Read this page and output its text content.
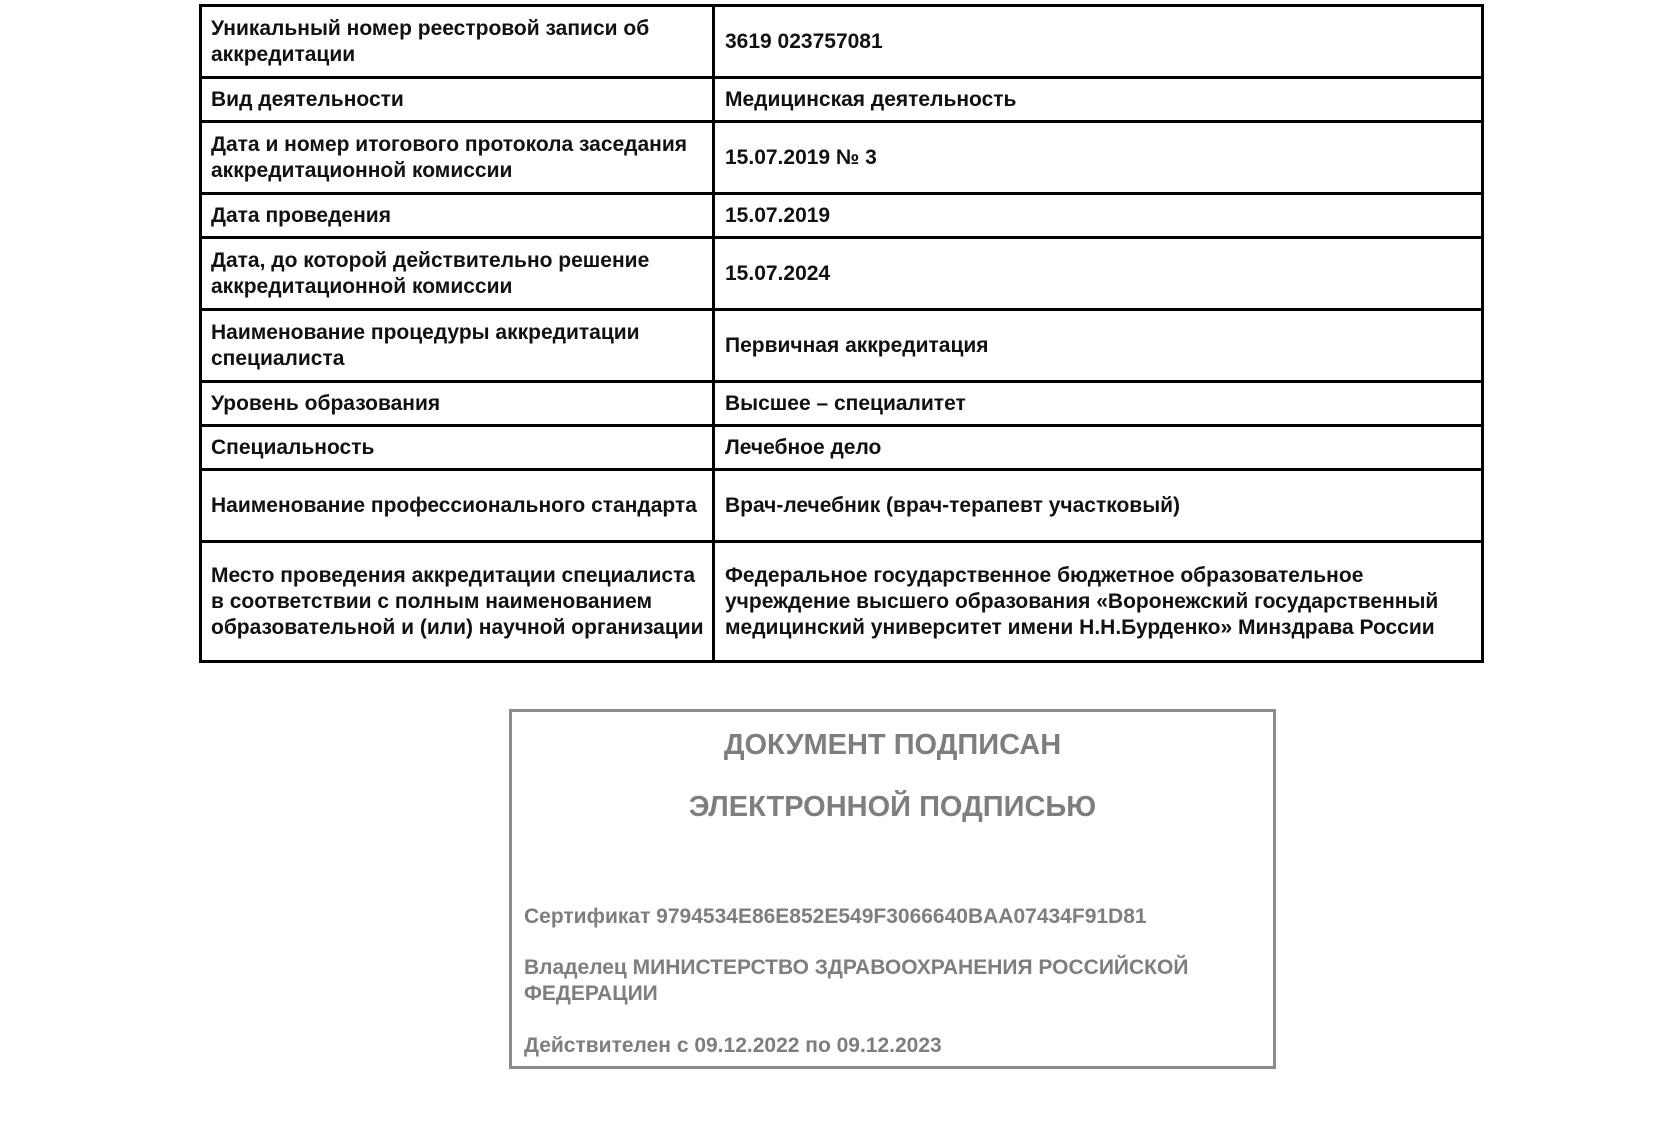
Уникальный номер реестровой записи об аккредитации	3619 023757081
Вид деятельности	Медицинская деятельность
Дата и номер итогового протокола заседания аккредитационной комиссии	15.07.2019 № 3
Дата проведения	15.07.2019
Дата, до которой действительно решение аккредитационной комиссии	15.07.2024
Наименование процедуры аккредитации специалиста	Первичная аккредитация
Уровень образования	Высшее – специалитет
Специальность	Лечебное дело
Наименование профессионального стандарта	Врач-лечебник (врач-терапевт участковый)
Место проведения аккредитации специалиста в соответствии с полным наименованием образовательной и (или) научной организации	Федеральное государственное бюджетное образовательное учреждение высшего образования «Воронежский государственный медицинский университет имени Н.Н.Бурденко» Минздрава России
ДОКУМЕНТ ПОДПИСАН
ЭЛЕКТРОННОЙ ПОДПИСЬЮ
Сертификат 9794534E86E852E549F3066640BAA07434F91D81
Владелец МИНИСТЕРСТВО ЗДРАВООХРАНЕНИЯ РОССИЙСКОЙ ФЕДЕРАЦИИ
Действителен с 09.12.2022 по 09.12.2023
